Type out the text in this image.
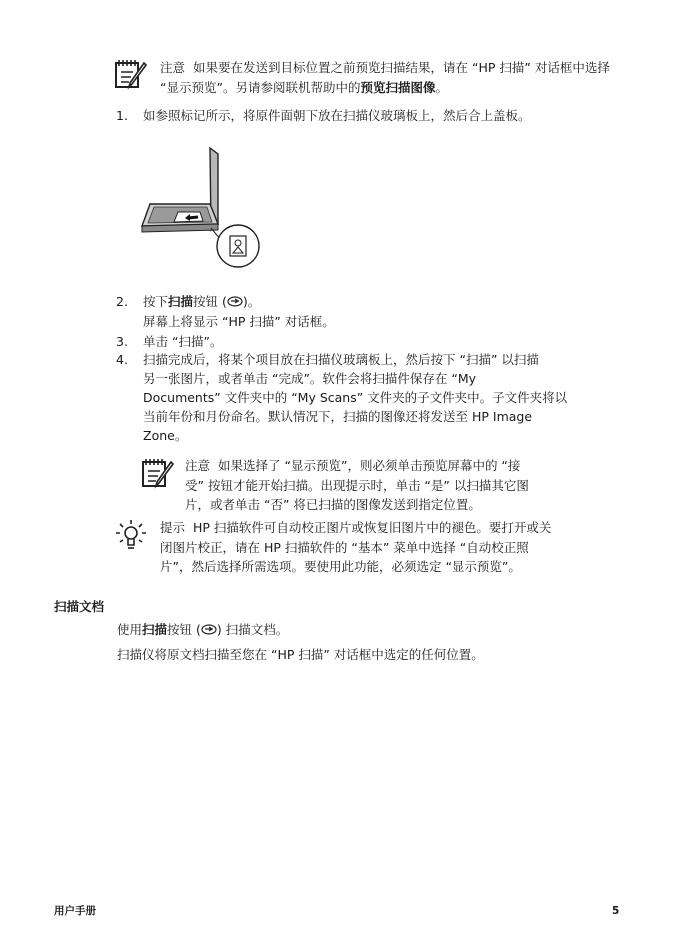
注意 如果要在发送到目标位置之前预览扫描结果，请在 “HP 扫描” 对话框中选择 “显示预览”。另请参阅联机帮助中的预览扫描图像。
1.	如参照标记所示，将原件面朝下放在扫描仪玻璃板上，然后合上盖板。
2.	按下扫描按钮 ( )。
屏幕上将显示 “HP 扫描” 对话框。
3.	单击 “扫描”。
4.	扫描完成后，将某个项目放在扫描仪玻璃板上，然后按下 “扫描” 以扫描
另一张图片，或者单击 “完成”。软件会将扫描件保存在 “My
Documents” 文件夹中的 “My Scans” 文件夹的子文件夹中。子文件夹将以
当前年份和月份命名。默认情况下，扫描的图像还将发送至 HP Image
Zone。
注意 如果选择了 “显示预览”，则必须单击预览屏幕中的 “接
受” 按钮才能开始扫描。出现提示时，单击 “是” 以扫描其它图
片，或者单击 “否” 将已扫描的图像发送到指定位置。
提示 HP 扫描软件可自动校正图片或恢复旧图片中的褪色。要打开或关
闭图片校正，请在 HP 扫描软件的 “基本” 菜单中选择 “自动校正照
片”，然后选择所需选项。要使用此功能，必须选定 “显示预览”。
扫描文档
使用扫描按钮 ( ) 扫描文档。
扫描仪将原文档扫描至您在 “HP 扫描” 对话框中选定的任何位置。
用户手册	5
